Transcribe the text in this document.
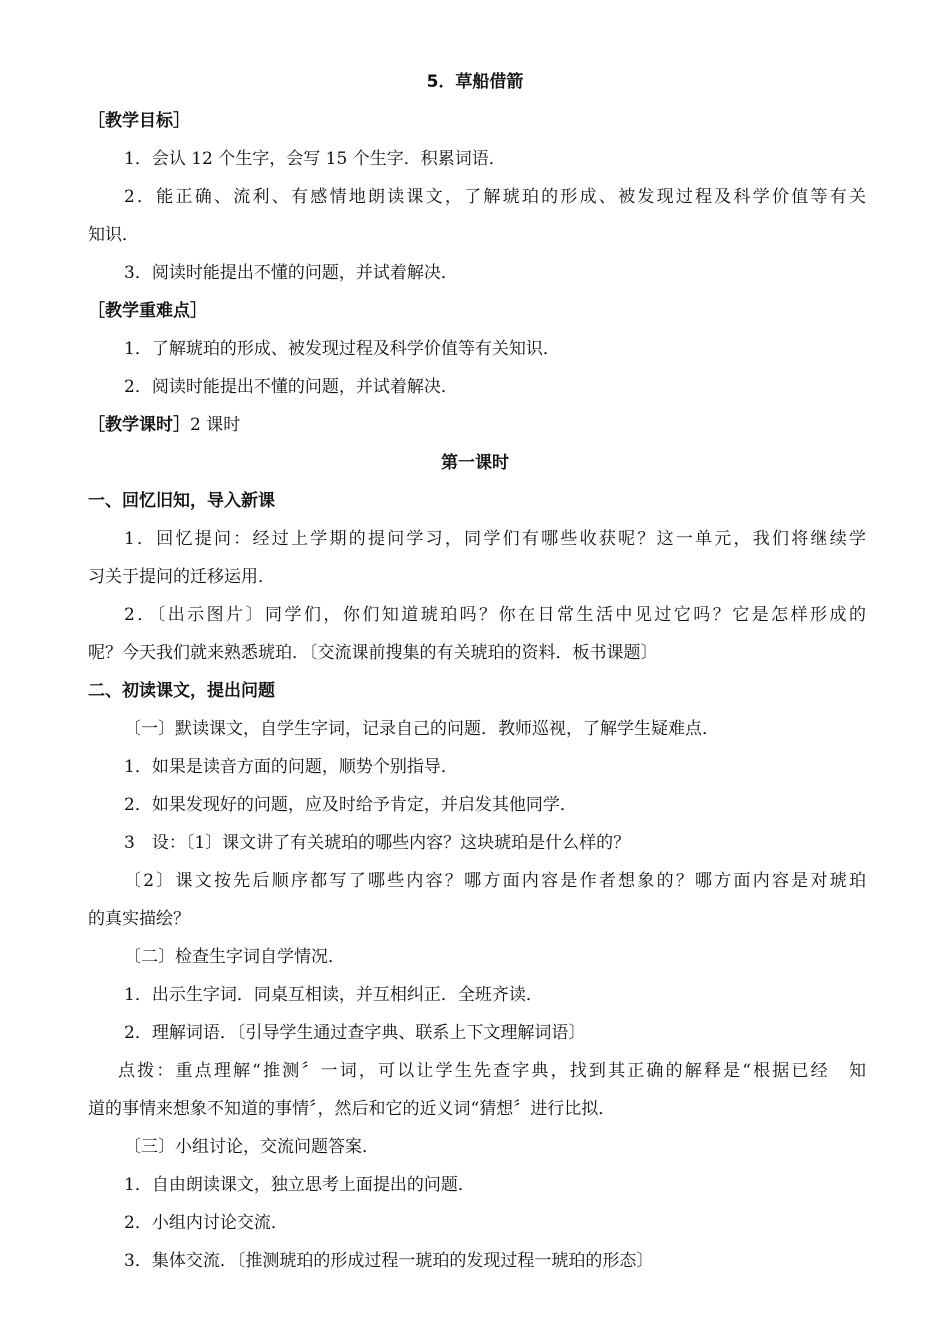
5．草船借箭
［教学目标］
1．会认 12 个生字，会写 15 个生字．积累词语．
2．能正确、流利、有感情地朗读课文，了解琥珀的形成、被发现过程及科学价值等有关
知识．
3．阅读时能提出不懂的问题，并试着解决．
［教学重难点］
1．了解琥珀的形成、被发现过程及科学价值等有关知识．
2．阅读时能提出不懂的问题，并试着解决．
［教学课时］2 课时
第一课时
一、回忆旧知，导入新课
1．回忆提问：经过上学期的提问学习，同学们有哪些收获呢？这一单元，我们将继续学
习关于提问的迁移运用．
2．〔出示图片〕同学们，你们知道琥珀吗？你在日常生活中见过它吗？它是怎样形成的
呢？今天我们就来熟悉琥珀．〔交流课前搜集的有关琥珀的资料．板书课题〕
二、初读课文，提出问题
〔一〕默读课文，自学生字词，记录自己的问题．教师巡视，了解学生疑难点．
1．如果是读音方面的问题，顺势个别指导．
2．如果发现好的问题，应及时给予肯定，并启发其他同学．
3　设：〔1〕课文讲了有关琥珀的哪些内容？这块琥珀是什么样的？
〔2〕课文按先后顺序都写了哪些内容？哪方面内容是作者想象的？哪方面内容是对琥珀
的真实描绘？
〔二〕检查生字词自学情况．
1．出示生字词．同桌互相读，并互相纠正．全班齐读．
2．理解词语．〔引导学生通过查字典、联系上下文理解词语〕
点拨：重点理解“推测〞一词，可以让学生先查字典，找到其正确的解释是“根据已经　知
道的事情来想象不知道的事情〞，然后和它的近义词“猜想〞进行比拟．
〔三〕小组讨论，交流问题答案．
1．自由朗读课文，独立思考上面提出的问题．
2．小组内讨论交流．
3．集体交流．〔推测琥珀的形成过程一琥珀的发现过程一琥珀的形态〕
